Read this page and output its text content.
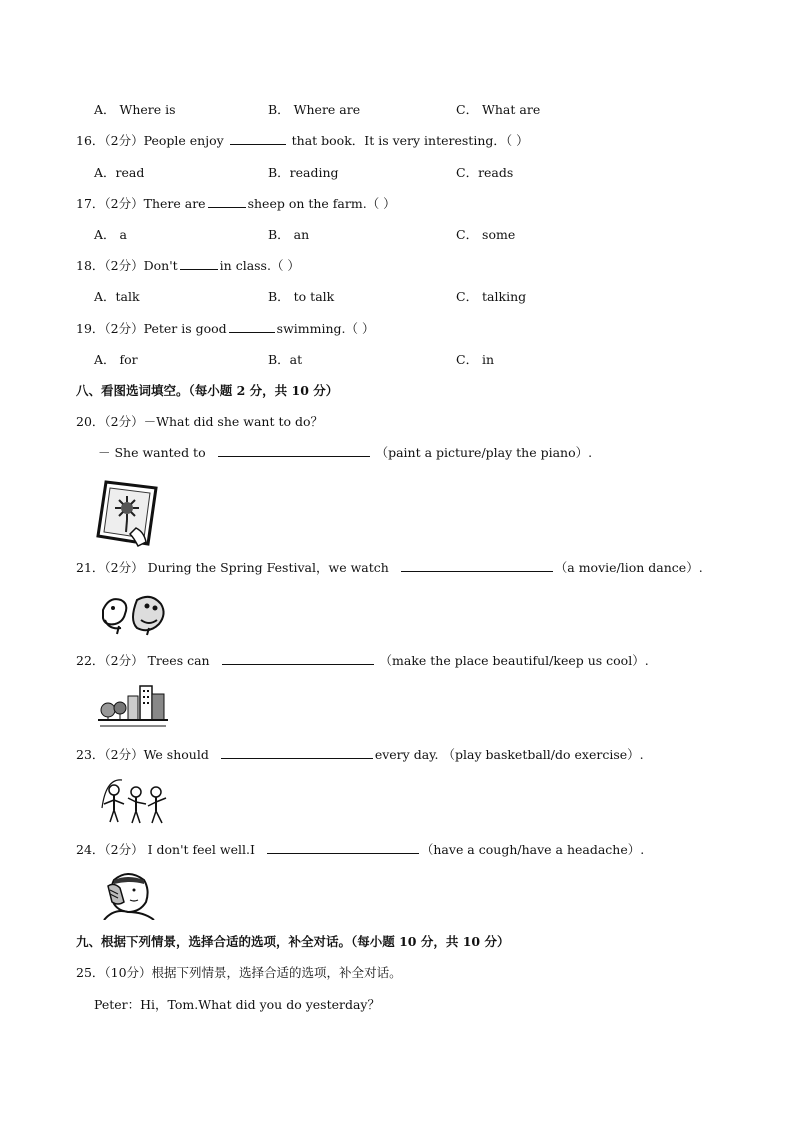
A． Where is	B． Where are	C． What are
16．（2分）People enjoy	that book．It is very interesting．（ ）
A．read	B．reading	C．reads
17．（2分）There are	sheep on the farm.（ ）
A． a	B． an	C． some
18．（2分）Don't	in class.（ ）
A．talk	B． to talk	C． talking
19．（2分）Peter is good	swimming.（ ）
A． for	B．at	C． in
八、看图选词填空。（每小题 2 分，共 10 分）
20．（2分）－What did she want to do？
－ She wanted to	（paint a picture/play the piano）.
21．（2分） During the Spring Festival，we watch	（a movie/lion dance）.
22．（2分） Trees can	（make the place beautiful/keep us cool）.
23．（2分）We should	every day. （play basketball/do exercise）.
24．（2分） I don't feel well.I	（have a cough/have a headache）.
九、根据下列情景，选择合适的选项，补全对话。（每小题 10 分，共 10 分）
25．（10分）根据下列情景，选择合适的选项，补全对话。
Peter：Hi，Tom.What did you do yesterday？
